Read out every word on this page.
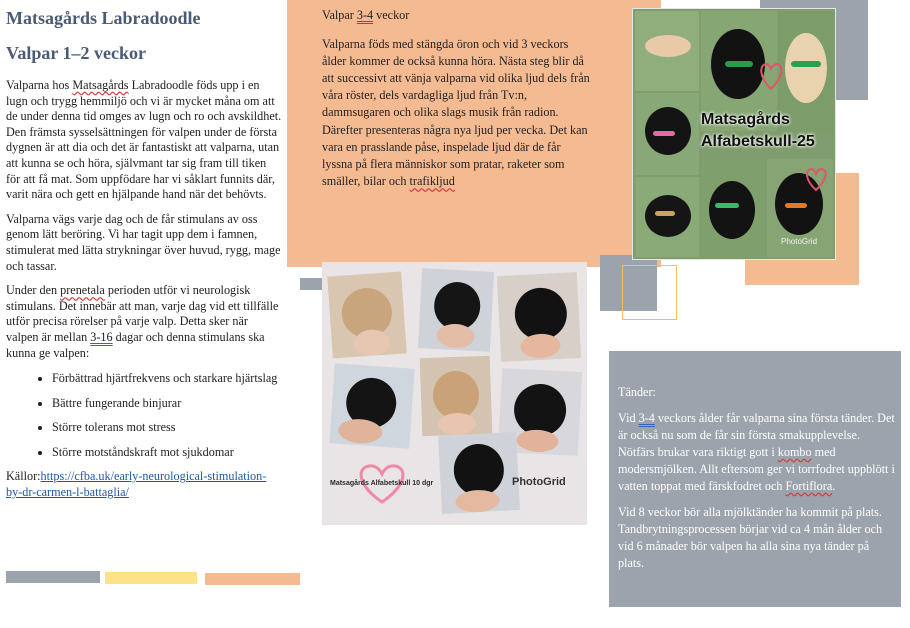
Matsagårds Labradoodle
Valpar 1–2 veckor

Valparna hos Matsagårds Labradoodle föds upp i en lugn och trygg hemmiljö och vi är mycket måna om att de under denna tid omges av lugn och ro och avskildhet. Den främsta sysselsättningen för valpen under de första dygnen är att dia och det är fantastiskt att valparna, utan att kunna se och höra, självmant tar sig fram till tiken för att få mat. Som uppfödare har vi såklart funnits där, varit nära och gett en hjälpande hand när det behövts.

Valparna vägs varje dag och de får stimulans av oss genom lätt beröring. Vi har tagit upp dem i famnen, stimulerat med lätta strykningar över huvud, rygg, mage och tassar.

Under den prenetala perioden utför vi neurologisk stimulans. Det innebär att man, varje dag vid ett tillfälle utför precisa rörelser på varje valp. Detta sker när valpen är mellan 3-16 dagar och denna stimulans ska kunna ge valpen:

• Förbättrad hjärtfrekvens och starkare hjärtslag
• Bättre fungerande binjurar
• Större tolerans mot stress
• Större motståndskraft mot sjukdomar

Källor:https://cfba.uk/early-neurological-stimulation-by-dr-carmen-l-battaglia/

Valpar 3-4 veckor

Valparna föds med stängda öron och vid 3 veckors ålder kommer de också kunna höra. Nästa steg blir då att successivt att vänja valparna vid olika ljud dels från våra röster, dels vardagliga ljud från Tv:n, dammsugaren och olika slags musik från radion. Därefter presenteras några nya ljud per vecka. Det kan vara en prasslande påse, inspelade ljud där de får lyssna på flera människor som pratar, raketer som smäller, bilar och trafikljud

Matsagårds Alfabetskull 10 dgr	PhotoGrid
Matsagårds
Alfabetskull-25
PhotoGrid

Tänder:

Vid 3-4 veckors ålder får valparna sina första tänder. Det är också nu som de får sin första smakupplevelse. Nötfärs brukar vara riktigt gott i kombo med modersmjölken. Allt eftersom ger vi torrfodret uppblött i vatten toppat med färskfodret och Fortiflora.

Vid 8 veckor bör alla mjölktänder ha kommit på plats. Tandbrytningsprocessen börjar vid ca 4 mån ålder och vid 6 månader bör valpen ha alla sina nya tänder på plats.
